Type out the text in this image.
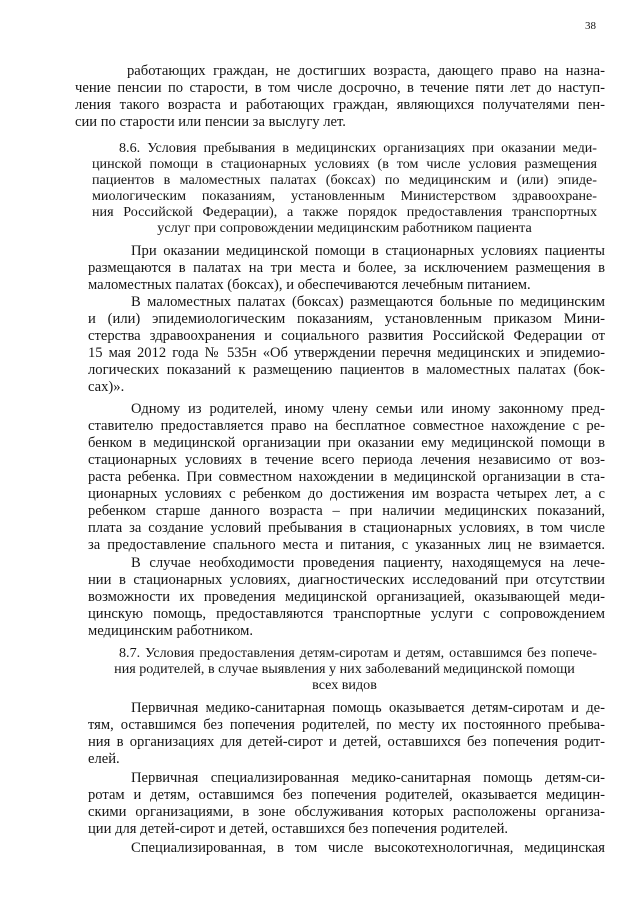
38
работающих граждан, не достигших возраста, дающего право на назна-
чение пенсии по старости, в том числе досрочно, в течение пяти лет до наступ-
ления такого возраста и работающих граждан, являющихся получателями пен-
сии по старости или пенсии за выслугу лет.
8.6. Условия пребывания в медицинских организациях при оказании меди-
цинской помощи в стационарных условиях (в том числе условия размещения
пациентов в маломестных палатах (боксах) по медицинским и (или) эпиде-
миологическим показаниям, установленным Министерством здравоохране-
ния Российской Федерации), а также порядок предоставления транспортных
услуг при сопровождении медицинским работником пациента
При оказании медицинской помощи в стационарных условиях пациенты
размещаются в палатах на три места и более, за исключением размещения в
маломестных палатах (боксах), и обеспечиваются лечебным питанием.
В маломестных палатах (боксах) размещаются больные по медицинским
и (или) эпидемиологическим показаниям, установленным приказом Мини-
стерства здравоохранения и социального развития Российской Федерации от
15 мая 2012 года № 535н «Об утверждении перечня медицинских и эпидемио-
логических показаний к размещению пациентов в маломестных палатах (бок-
сах)».
Одному из родителей, иному члену семьи или иному законному пред-
ставителю предоставляется право на бесплатное совместное нахождение с ре-
бенком в медицинской организации при оказании ему медицинской помощи в
стационарных условиях в течение всего периода лечения независимо от воз-
раста ребенка. При совместном нахождении в медицинской организации в ста-
ционарных условиях с ребенком до достижения им возраста четырех лет, а с
ребенком старше данного возраста – при наличии медицинских показаний,
плата за создание условий пребывания в стационарных условиях, в том числе
за предоставление спального места и питания, с указанных лиц не взимается.
В случае необходимости проведения пациенту, находящемуся на лече-
нии в стационарных условиях, диагностических исследований при отсутствии
возможности их проведения медицинской организацией, оказывающей меди-
цинскую помощь, предоставляются транспортные услуги с сопровождением
медицинским работником.
8.7. Условия предоставления детям-сиротам и детям, оставшимся без попече-
ния родителей, в случае выявления у них заболеваний медицинской помощи
всех видов
Первичная медико-санитарная помощь оказывается детям-сиротам и де-
тям, оставшимся без попечения родителей, по месту их постоянного пребыва-
ния в организациях для детей-сирот и детей, оставшихся без попечения родит-
елей.
Первичная специализированная медико-санитарная помощь детям-си-
ротам и детям, оставшимся без попечения родителей, оказывается медицин-
скими организациями, в зоне обслуживания которых расположены организа-
ции для детей-сирот и детей, оставшихся без попечения родителей.
Специализированная, в том числе высокотехнологичная, медицинская
